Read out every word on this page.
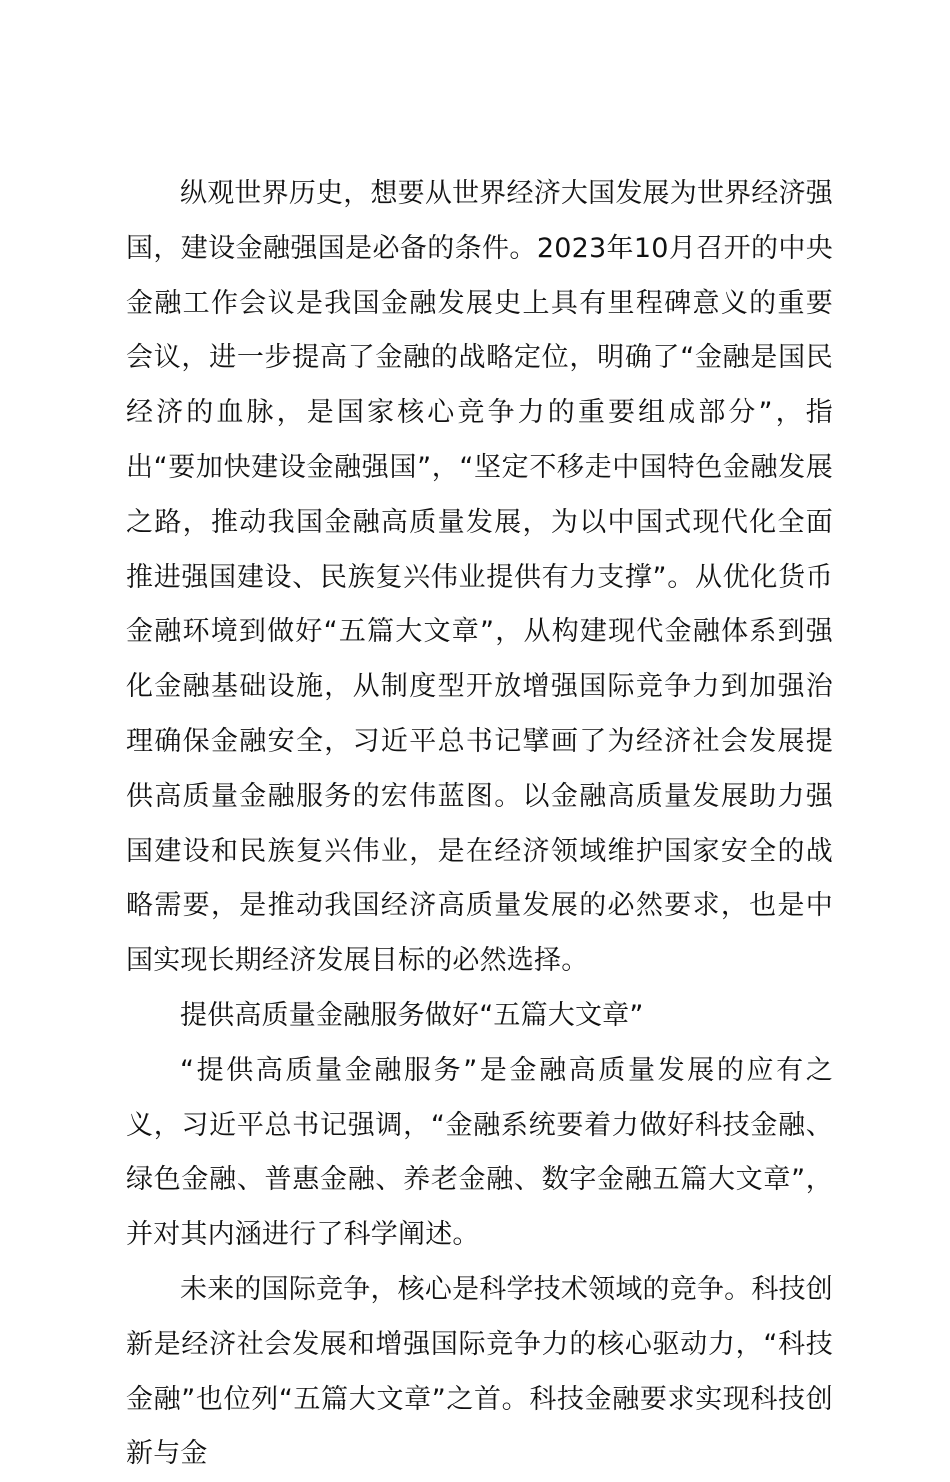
纵观世界历史，想要从世界经济大国发展为世界经济强国，建设金融强国是必备的条件。2023年10月召开的中央金融工作会议是我国金融发展史上具有里程碑意义的重要会议，进一步提高了金融的战略定位，明确了“金融是国民经济的血脉，是国家核心竞争力的重要组成部分”，指出“要加快建设金融强国”，“坚定不移走中国特色金融发展之路，推动我国金融高质量发展，为以中国式现代化全面推进强国建设、民族复兴伟业提供有力支撑”。从优化货币金融环境到做好“五篇大文章”，从构建现代金融体系到强化金融基础设施，从制度型开放增强国际竞争力到加强治理确保金融安全，习近平总书记擘画了为经济社会发展提供高质量金融服务的宏伟蓝图。以金融高质量发展助力强国建设和民族复兴伟业，是在经济领域维护国家安全的战略需要，是推动我国经济高质量发展的必然要求，也是中国实现长期经济发展目标的必然选择。

提供高质量金融服务做好“五篇大文章”

“提供高质量金融服务”是金融高质量发展的应有之义，习近平总书记强调，“金融系统要着力做好科技金融、绿色金融、普惠金融、养老金融、数字金融五篇大文章”，并对其内涵进行了科学阐述。

未来的国际竞争，核心是科学技术领域的竞争。科技创新是经济社会发展和增强国际竞争力的核心驱动力，“科技金融”也位列“五篇大文章”之首。科技金融要求实现科技创新与金
